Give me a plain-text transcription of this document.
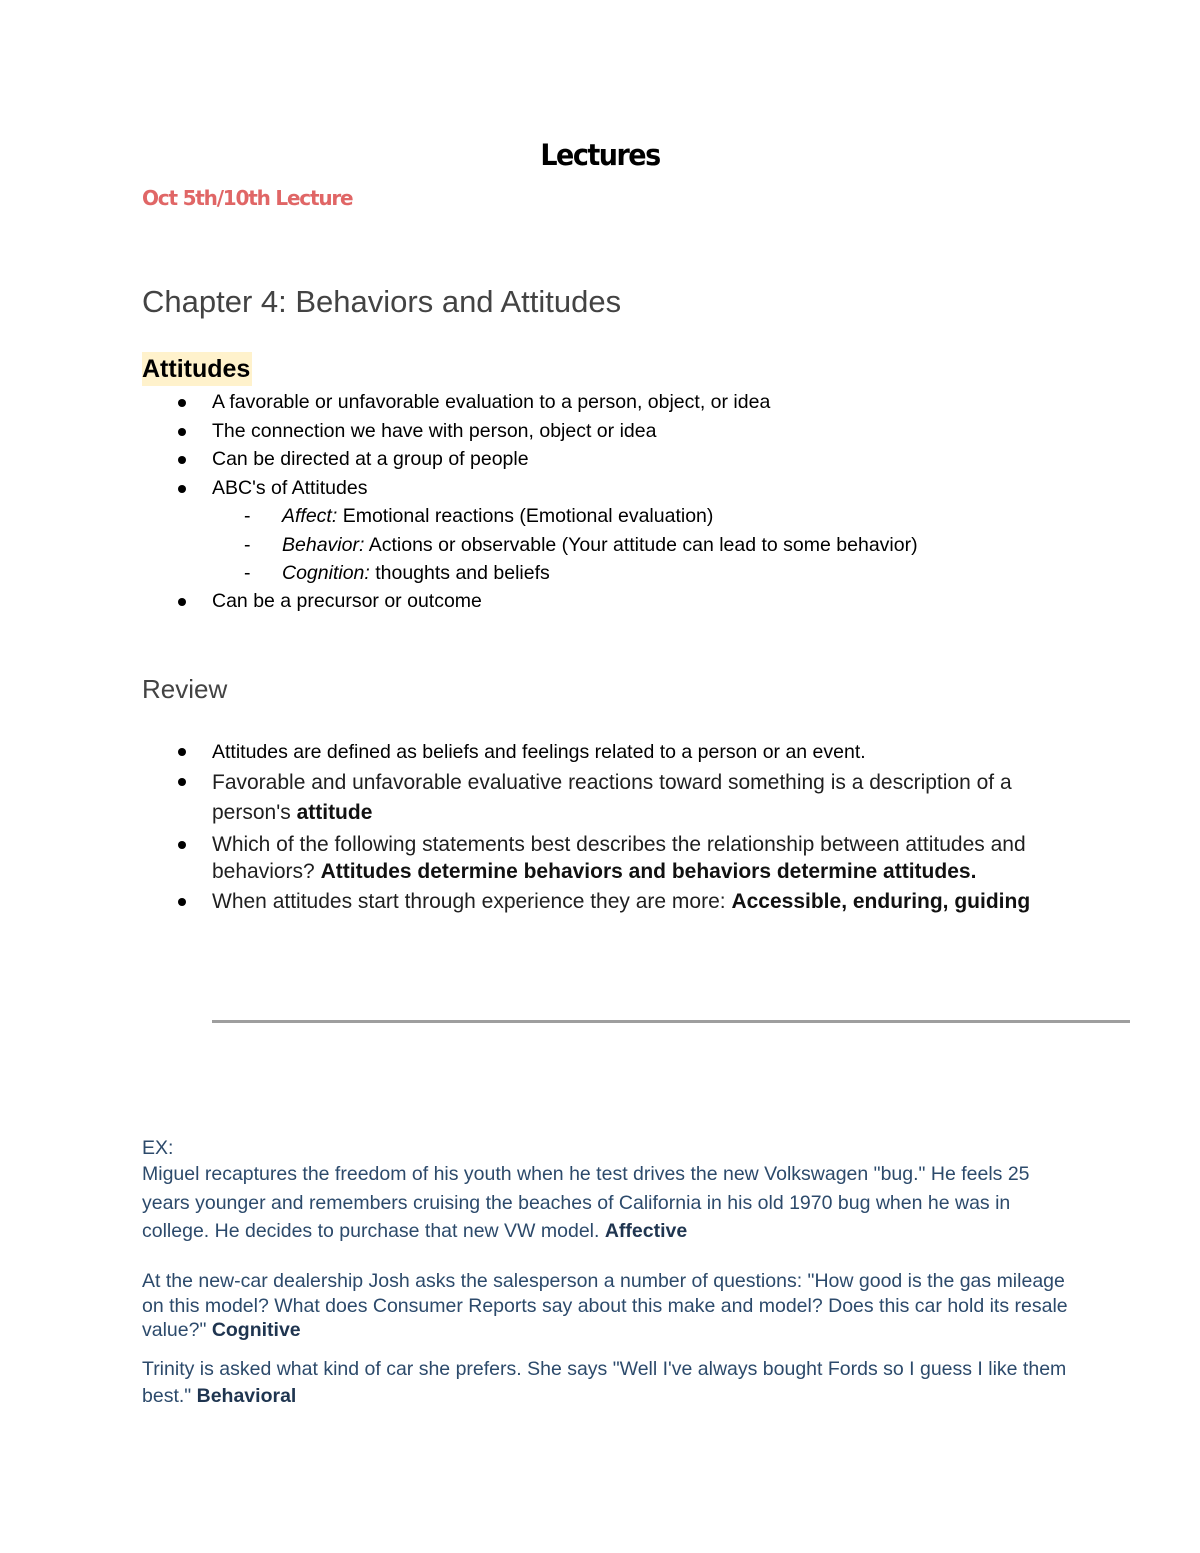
Lectures
Oct 5th/10th Lecture
Chapter 4: Behaviors and Attitudes
Attitudes
A favorable or unfavorable evaluation to a person, object, or idea
The connection we have with person, object or idea
Can be directed at a group of people
ABC's of Attitudes
- Affect: Emotional reactions (Emotional evaluation)
- Behavior: Actions or observable (Your attitude can lead to some behavior)
- Cognition: thoughts and beliefs
Can be a precursor or outcome
Review
Attitudes are defined as beliefs and feelings related to a person or an event.
Favorable and unfavorable evaluative reactions toward something is a description of a person's attitude
Which of the following statements best describes the relationship between attitudes and behaviors? Attitudes determine behaviors and behaviors determine attitudes.
When attitudes start through experience they are more: Accessible, enduring, guiding
EX:
Miguel recaptures the freedom of his youth when he test drives the new Volkswagen "bug." He feels 25 years younger and remembers cruising the beaches of California in his old 1970 bug when he was in college. He decides to purchase that new VW model. Affective
At the new-car dealership Josh asks the salesperson a number of questions: "How good is the gas mileage on this model? What does Consumer Reports say about this make and model? Does this car hold its resale value?" Cognitive
Trinity is asked what kind of car she prefers. She says "Well I've always bought Fords so I guess I like them best." Behavioral
